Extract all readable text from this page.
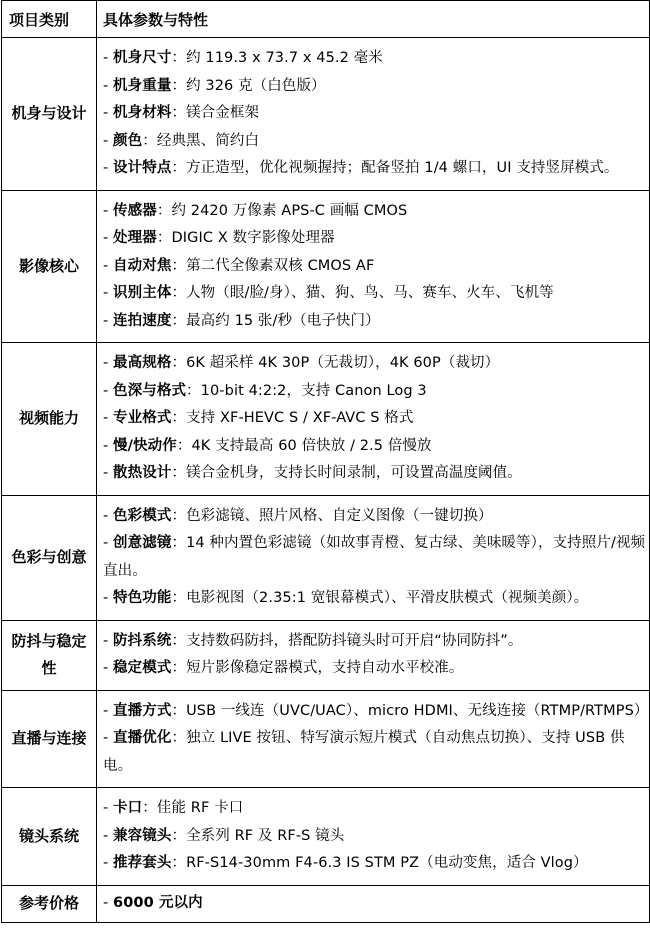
项目类别	具体参数与特性
机身与设计	- 机身尺寸：约 119.3 x 73.7 x 45.2 毫米
- 机身重量：约 326 克（白色版）
- 机身材料：镁合金框架
- 颜色：经典黑、简约白
- 设计特点：方正造型，优化视频握持；配备竖拍 1/4 螺口，UI 支持竖屏模式。

影像核心	- 传感器：约 2420 万像素 APS-C 画幅 CMOS
- 处理器：DIGIC X 数字影像处理器
- 自动对焦：第二代全像素双核 CMOS AF
- 识别主体：人物（眼/脸/身）、猫、狗、鸟、马、赛车、火车、飞机等
- 连拍速度：最高约 15 张/秒（电子快门）

视频能力	- 最高规格：6K 超采样 4K 30P（无裁切），4K 60P（裁切）
- 色深与格式：10-bit 4:2:2，支持 Canon Log 3
- 专业格式：支持 XF-HEVC S / XF-AVC S 格式
- 慢/快动作：4K 支持最高 60 倍快放 / 2.5 倍慢放
- 散热设计：镁合金机身，支持长时间录制，可设置高温度阈值。

色彩与创意	- 色彩模式：色彩滤镜、照片风格、自定义图像（一键切换）
- 创意滤镜：14 种内置色彩滤镜（如故事青橙、复古绿、美味暖等），支持照片/视频直出。
- 特色功能：电影视图（2.35:1 宽银幕模式）、平滑皮肤模式（视频美颜）。

防抖与稳定性	- 防抖系统：支持数码防抖，搭配防抖镜头时可开启“协同防抖”。
- 稳定模式：短片影像稳定器模式，支持自动水平校准。

直播与连接	- 直播方式：USB 一线连（UVC/UAC）、micro HDMI、无线连接（RTMP/RTMPS）
- 直播优化：独立 LIVE 按钮、特写演示短片模式（自动焦点切换）、支持 USB 供电。

镜头系统	- 卡口：佳能 RF 卡口
- 兼容镜头：全系列 RF 及 RF-S 镜头
- 推荐套头：RF-S14-30mm F4-6.3 IS STM PZ（电动变焦，适合 Vlog）

参考价格	- 6000 元以内
